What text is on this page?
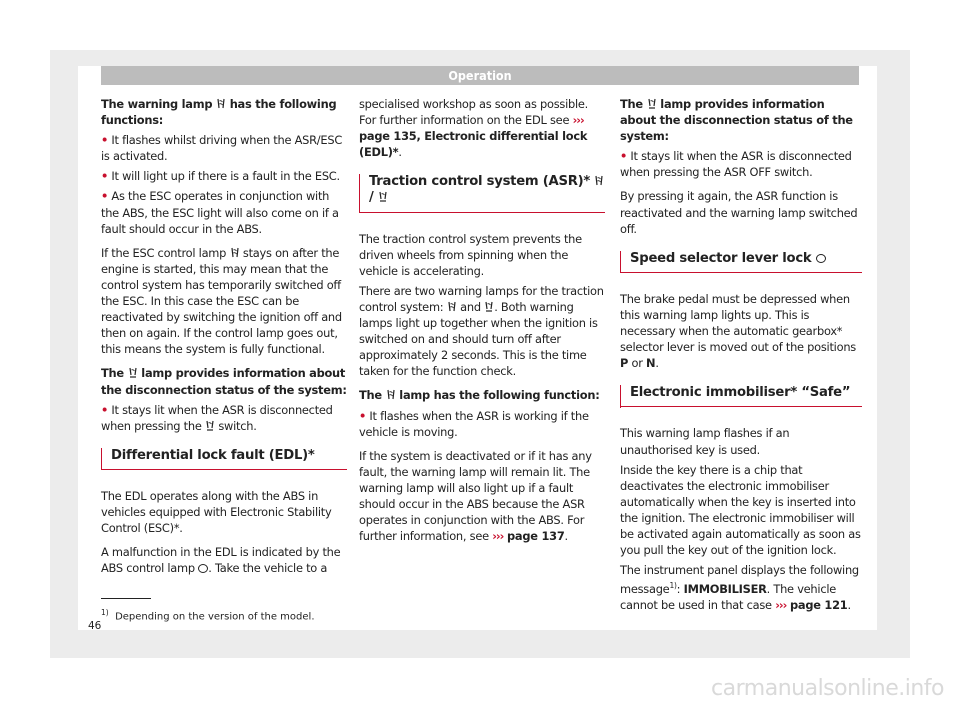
Operation

The warning lamp has the following functions:

• It flashes whilst driving when the ASR/ESC is activated.

• It will light up if there is a fault in the ESC.

• As the ESC operates in conjunction with the ABS, the ESC light will also come on if a fault should occur in the ABS.

If the ESC control lamp stays on after the engine is started, this may mean that the control system has temporarily switched off the ESC. In this case the ESC can be reactivated by switching the ignition off and then on again. If the control lamp goes out, this means the system is fully functional.

The lamp provides information about the disconnection status of the system:

• It stays lit when the ASR is disconnected when pressing the switch.

Differential lock fault (EDL)*

The EDL operates along with the ABS in vehicles equipped with Electronic Stability Control (ESC)*.

A malfunction in the EDL is indicated by the ABS control lamp . Take the vehicle to a

specialised workshop as soon as possible. For further information on the EDL see ››› page 135, Electronic differential lock (EDL)*.

Traction control system (ASR)*  /

The traction control system prevents the driven wheels from spinning when the vehicle is accelerating.

There are two warning lamps for the traction control system: and . Both warning lamps light up together when the ignition is switched on and should turn off after approximately 2 seconds. This is the time taken for the function check.

The lamp has the following function:

• It flashes when the ASR is working if the vehicle is moving.

If the system is deactivated or if it has any fault, the warning lamp will remain lit. The warning lamp will also light up if a fault should occur in the ABS because the ASR operates in conjunction with the ABS. For further information, see ››› page 137.

The lamp provides information about the disconnection status of the system:

• It stays lit when the ASR is disconnected when pressing the ASR OFF switch.

By pressing it again, the ASR function is reactivated and the warning lamp switched off.

Speed selector lever lock

The brake pedal must be depressed when this warning lamp lights up. This is necessary when the automatic gearbox* selector lever is moved out of the positions P or N.

Electronic immobiliser* “Safe”

This warning lamp flashes if an unauthorised key is used.

Inside the key there is a chip that deactivates the electronic immobiliser automatically when the key is inserted into the ignition. The electronic immobiliser will be activated again automatically as soon as you pull the key out of the ignition lock.

The instrument panel displays the following message$^{1)}$: IMMOBILISER. The vehicle cannot be used in that case ››› page 121.

$^{1)}$ Depending on the version of the model.
46
carmanualsonline.info
